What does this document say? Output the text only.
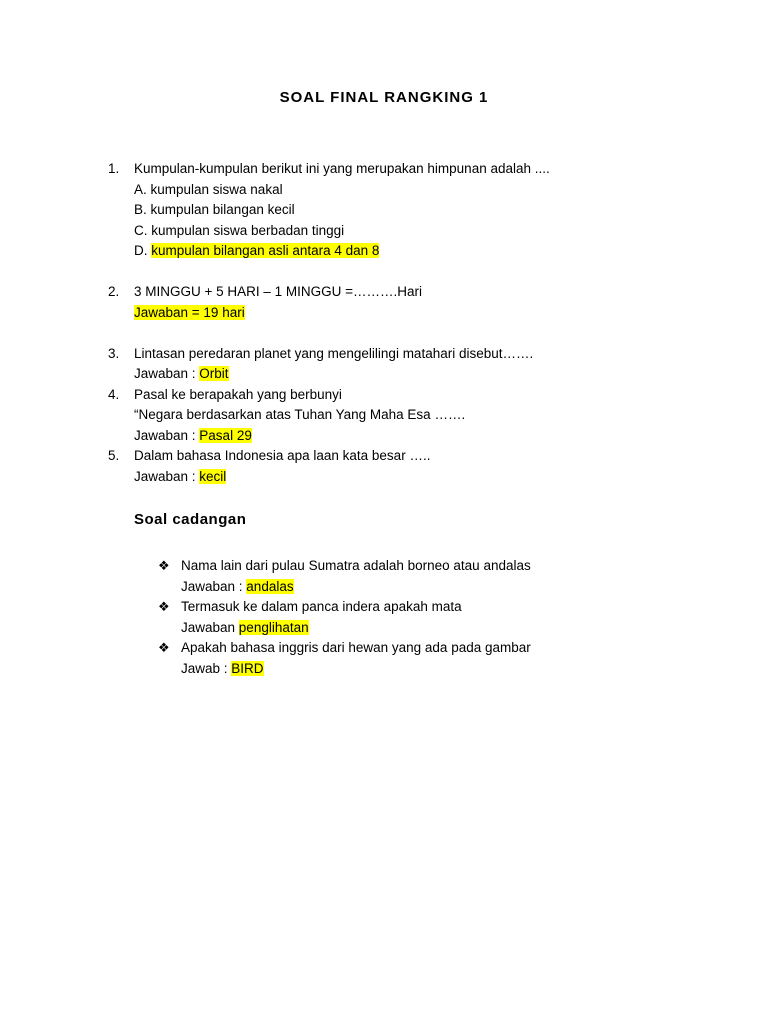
SOAL FINAL RANGKING 1
1.	Kumpulan-kumpulan berikut ini yang merupakan himpunan adalah ....
A. kumpulan siswa nakal
B. kumpulan bilangan kecil
C. kumpulan siswa berbadan tinggi
D. kumpulan bilangan asli antara 4 dan 8
2.	3 MINGGU + 5 HARI – 1 MINGGU =……….Hari
Jawaban = 19 hari
3.	Lintasan peredaran planet yang mengelilingi matahari disebut…….
Jawaban : Orbit
4.	Pasal ke berapakah yang berbunyi
“Negara berdasarkan atas Tuhan Yang Maha Esa …….
Jawaban : Pasal 29
5.	Dalam bahasa Indonesia apa laan kata besar …..
Jawaban : kecil
Soal cadangan
❖ Nama lain dari pulau Sumatra adalah borneo atau andalas
Jawaban : andalas
❖ Termasuk ke dalam panca indera apakah mata
Jawaban penglihatan
❖ Apakah bahasa inggris dari hewan yang ada pada gambar
Jawab : BIRD
